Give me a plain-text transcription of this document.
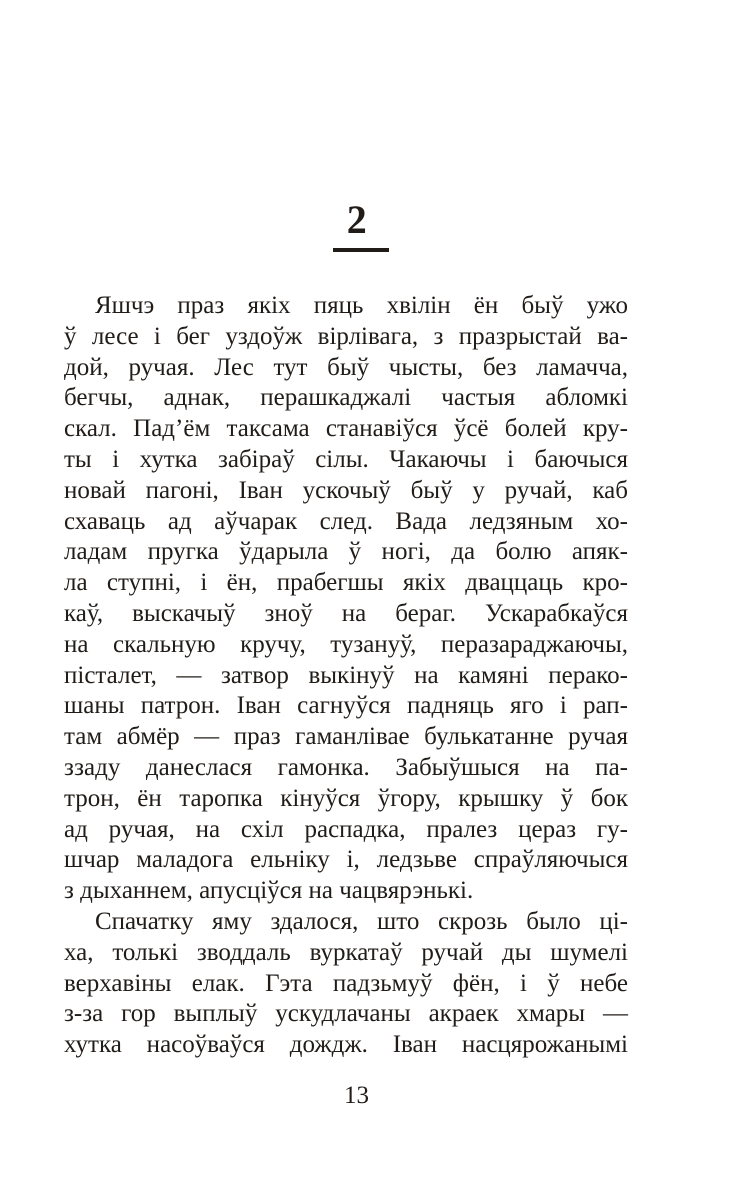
2
Яшчэ праз якіх пяць хвілін ён быў ужо
ў лесе і бег уздоўж вірлівага, з празрыстай ва-
дой, ручая. Лес тут быў чысты, без ламачча,
бегчы, аднак, перашкаджалі частыя абломкі
скал. Пад’ём таксама станавіўся ўсё болей кру-
ты і хутка забіраў сілы. Чакаючы і баючыся
новай пагоні, Іван ускочыў быў у ручай, каб
схаваць ад аўчарак след. Вада ледзяным хо-
ладам пругка ўдарыла ў ногі, да болю апяк-
ла ступні, і ён, прабегшы якіх дваццаць кро-
каў, выскачыў зноў на бераг. Ускарабкаўся
на скальную кручу, тузануў, перазараджаючы,
пісталет, — затвор выкінуў на камяні перако-
шаны патрон. Іван сагнуўся падняць яго і рап-
там абмёр — праз гаманлівае булькатанне ручая
ззаду данеслася гамонка. Забыўшыся на па-
трон, ён таропка кінуўся ўгору, крышку ў бок
ад ручая, на схіл распадка, пралез цераз гу-
шчар маладога ельніку і, ледзьве спраўляючыся
з дыханнем, апусціўся на чацвярэнькі.
Спачатку яму здалося, што скрозь было ці-
ха, толькі зводдаль вуркатаў ручай ды шумелі
верхавіны елак. Гэта падзьмуў фён, і ў небе
з-за гор выплыў ускудлачаны акраек хмары —
хутка насоўваўся дождж. Іван насцярожанымі
13
